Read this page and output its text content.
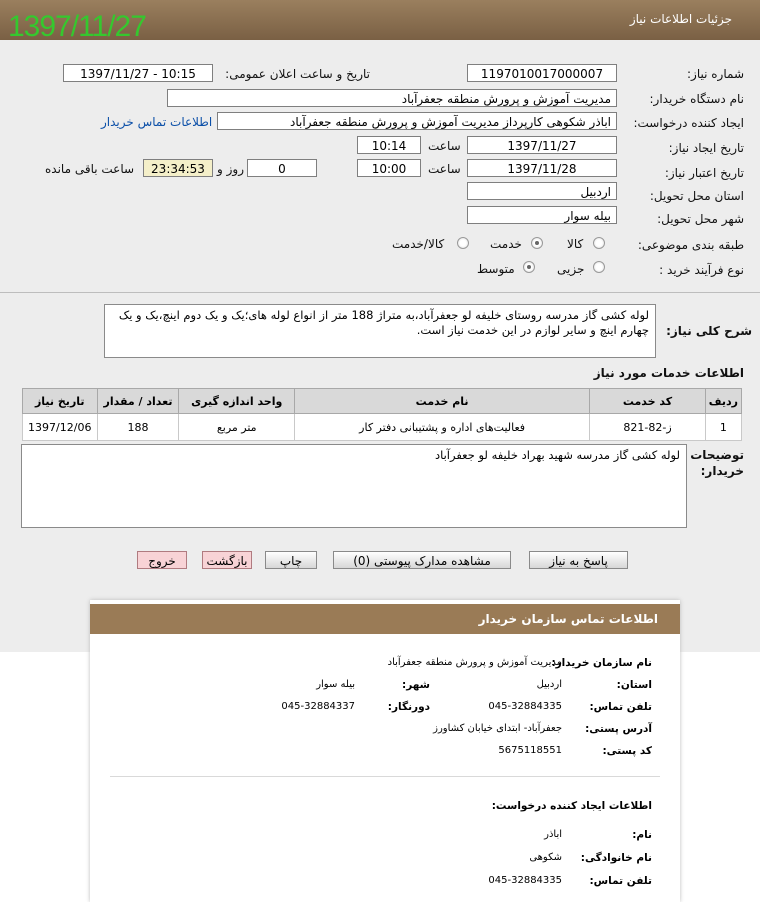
1397/11/27	جزئیات اطلاعات نیاز
شماره نیاز:
1197010017000007
تاریخ و ساعت اعلان عمومی:
1397/11/27 - 10:15
نام دستگاه خریدار:
مدیریت آموزش و پرورش منطقه جعفرآباد
ایجاد کننده درخواست:
اباذر شکوهی کارپرداز مدیریت آموزش و پرورش منطقه جعفرآباد
اطلاعات تماس خریدار
تاریخ ایجاد نیاز:
1397/11/27
ساعت
10:14
تاریخ اعتبار نیاز:
1397/11/28
ساعت
10:00
0
روز و
23:34:53
ساعت باقی مانده
استان محل تحویل:
اردبیل
شهر محل تحویل:
بیله سوار
طبقه بندی موضوعی:
کالا
خدمت
کالا/خدمت
نوع فرآیند خرید :
جزیی
متوسط
شرح کلی نیاز:
لوله کشی گاز مدرسه روستای خلیفه لو جعفرآباد،به متراژ 188 متر از انواع لوله های؛یک و یک دوم اینچ،یک و یک چهارم اینچ و سایر لوازم در این خدمت نیاز است.
اطلاعات خدمات مورد نیاز
تاریخ نیاز	تعداد / مقدار	واحد اندازه گیری	نام خدمت	کد خدمت	ردیف
1397/12/06	188	متر مربع	فعالیت‌های اداره و پشتیبانی دفتر کار	ز-82-821	1
توضیحات خریدار:
لوله کشی گاز مدرسه شهید بهراد خلیفه لو جعفرآباد
پاسخ به نیاز
مشاهده مدارک پیوستی (0)
چاپ
بازگشت
خروج
اطلاعات تماس سازمان خریدار
نام سازمان خریدار:
مدیریت آموزش و پرورش منطقه جعفرآباد
استان:
اردبیل
شهر:
بیله سوار
تلفن تماس:
045-32884335
دورنگار:
045-32884337
آدرس پستی:
جعفرآباد- ابتدای خیابان کشاورز
کد پستی:
5675118551
اطلاعات ایجاد کننده درخواست:
نام:
اباذر
نام خانوادگی:
شکوهی
تلفن تماس:
045-32884335
